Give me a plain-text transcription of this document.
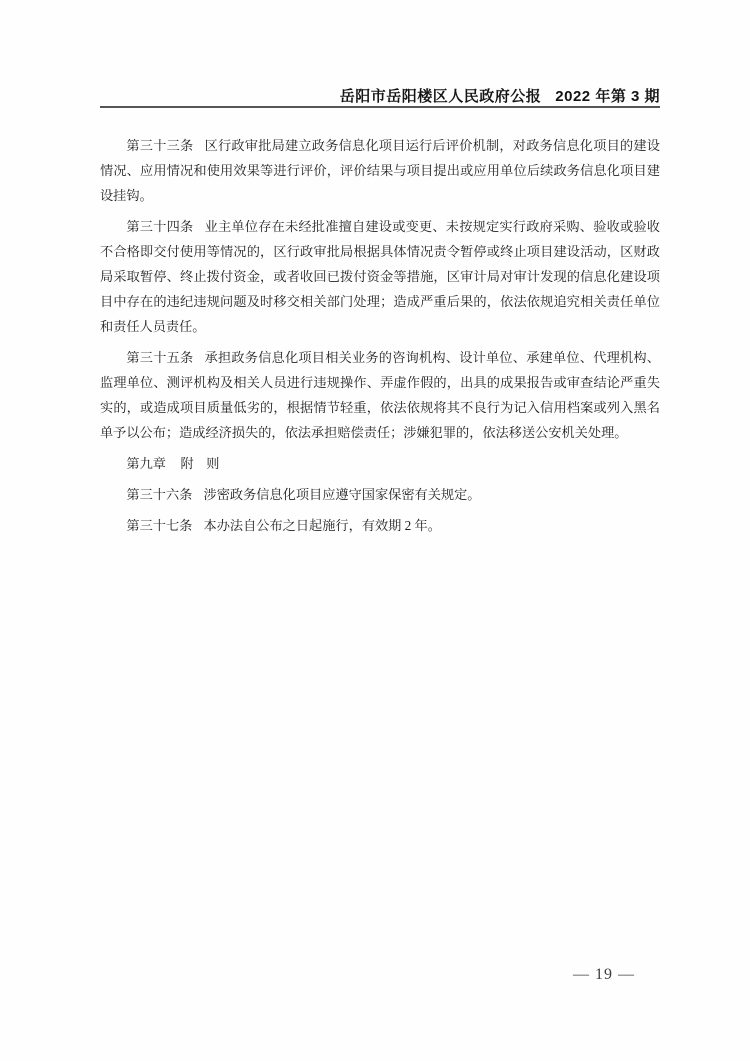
岳阳市岳阳楼区人民政府公报 2022 年第 3 期

第三十三条 区行政审批局建立政务信息化项目运行后评价机制，对政务信息化项目的建设情况、应用情况和使用效果等进行评价，评价结果与项目提出或应用单位后续政务信息化项目建设挂钩。

第三十四条 业主单位存在未经批准擅自建设或变更、未按规定实行政府采购、验收或验收不合格即交付使用等情况的，区行政审批局根据具体情况责令暂停或终止项目建设活动，区财政局采取暂停、终止拨付资金，或者收回已拨付资金等措施，区审计局对审计发现的信息化建设项目中存在的违纪违规问题及时移交相关部门处理；造成严重后果的，依法依规追究相关责任单位和责任人员责任。

第三十五条 承担政务信息化项目相关业务的咨询机构、设计单位、承建单位、代理机构、监理单位、测评机构及相关人员进行违规操作、弄虚作假的，出具的成果报告或审查结论严重失实的，或造成项目质量低劣的，根据情节轻重，依法依规将其不良行为记入信用档案或列入黑名单予以公布；造成经济损失的，依法承担赔偿责任；涉嫌犯罪的，依法移送公安机关处理。

第九章 附 则

第三十六条 涉密政务信息化项目应遵守国家保密有关规定。

第三十七条 本办法自公布之日起施行，有效期 2 年。

— 19 —
